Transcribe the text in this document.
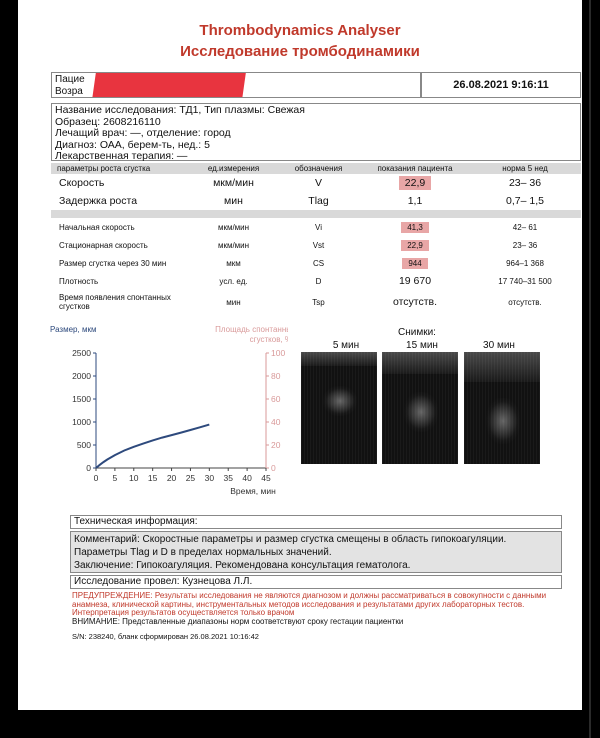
Thrombodynamics Analyser
Исследование тромбодинамики
Пацие
Возра
26.08.2021 9:16:11
Название исследования: ТД1, Тип плазмы: Свежая
Образец: 2608216110
Лечащий врач: —, отделение: город
Диагноз: ОАА, берем-ть, нед.: 5
Лекарственная терапия: —
параметры роста сгустка	ед.измерения	обозначения	показания пациента	норма 5 нед
Скорость	мкм/мин	V	22,9	23– 36
Задержка роста	мин	Tlag	1,1	0,7– 1,5

Начальная скорость	мкм/мин	Vi	41,3	42– 61
Стационарная скорость	мкм/мин	Vst	22,9	23– 36
Размер сгустка через 30 мин	мкм	CS	944	964–1 368
Плотность	усл. ед.	D	19 670	17 740–31 500
Время появления спонтанных сгустков	мин	Tsp	отсутств.	отсутств.
Размер, мкм	Площадь спонтанных
сгустков, %
0
500
1000
1500
2000
2500
0
20
40
60
80
100
0 5 10 15 20 25 30 35 40 45
Время, мин
Снимки:
5 мин	15 мин	30 мин
Техническая информация:
Комментарий: Скоростные параметры и размер сгустка смещены в область гипокоагуляции.
Параметры Tlag и D в пределах нормальных значений.
Заключение: Гипокоагуляция. Рекомендована консультация гематолога.
Исследование провел: Кузнецова Л.Л.
ПРЕДУПРЕЖДЕНИЕ: Результаты исследования не являются диагнозом и должны рассматриваться в совокупности с данными анамнеза, клинической картины, инструментальных методов исследования и результатами других лабораторных тестов. Интерпретация результатов осуществляется только врачом
ВНИМАНИЕ: Представленные диапазоны норм соответствуют сроку гестации пациентки
S/N: 238240, бланк сформирован 26.08.2021 10:16:42
